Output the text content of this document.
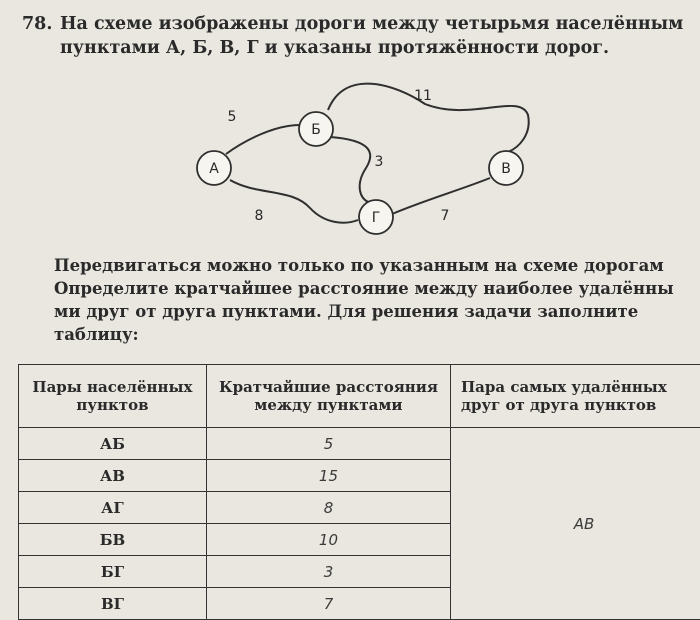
78. На схеме изображены дороги между четырьмя населённым
пунктами А, Б, В, Г и указаны протяжённости дорог.
А
Б
В
Г
5
11
3
8	7
Передвигаться можно только по указанным на схеме дорогам
Определите кратчайшее расстояние между наиболее удалённы
ми друг от друга пунктами. Для решения задачи заполните
таблицу:
Пары населённых
пунктов	Кратчайшие расстояния
между пунктами	Пара самых удалённых
друг от друга пунктов
АБ	5	АВ
АВ	15	
АГ	8	
БВ	10	
БГ	3	
ВГ	7	
